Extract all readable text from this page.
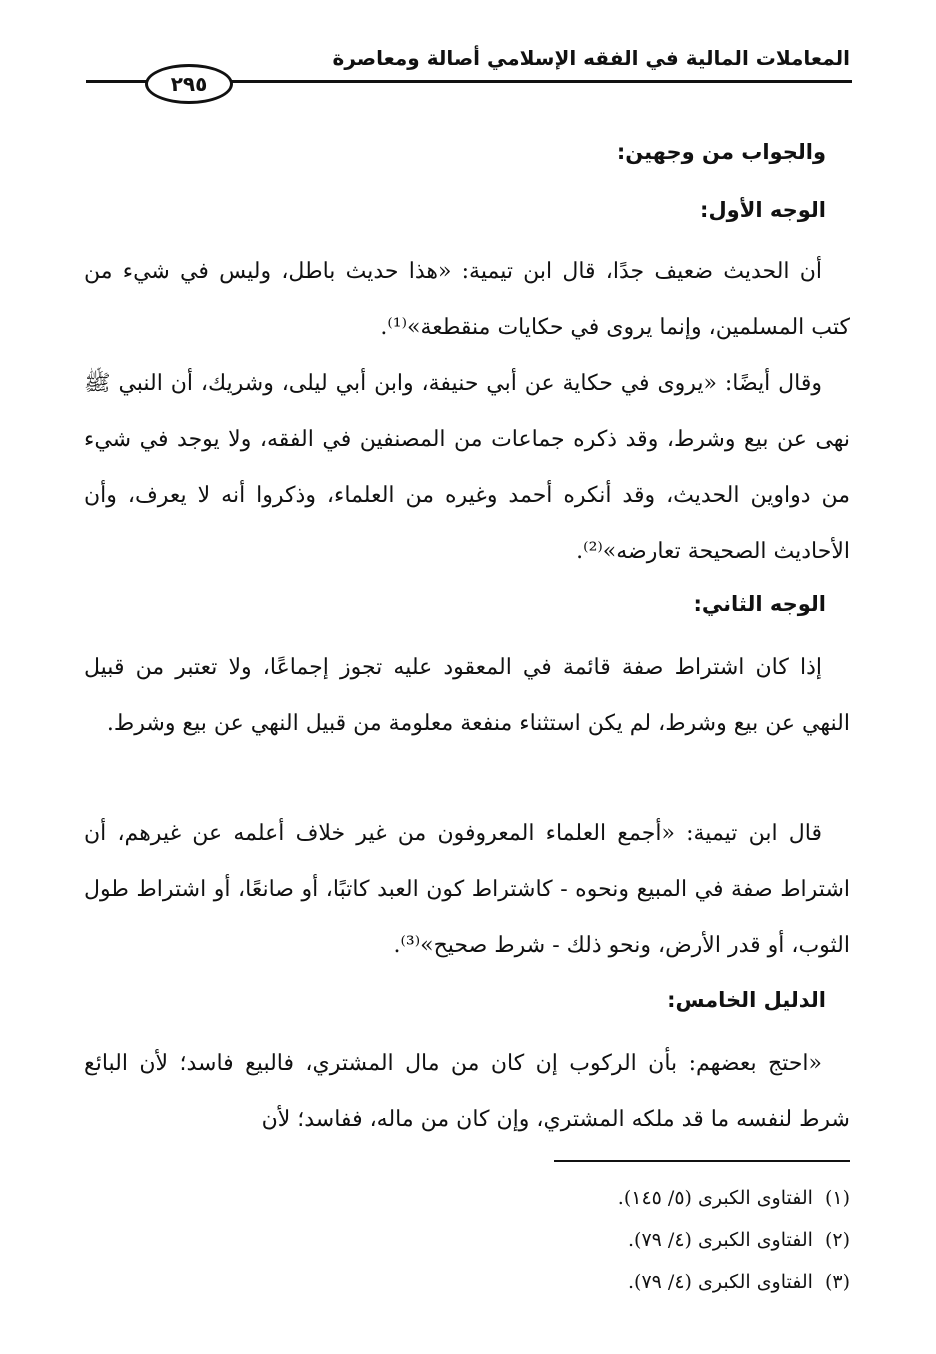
المعاملات المالية في الفقه الإسلامي أصالة ومعاصرة
٢٩٥
والجواب من وجهين:
الوجه الأول:

أن الحديث ضعيف جدًا، قال ابن تيمية: «هذا حديث باطل، وليس في شيء من كتب المسلمين، وإنما يروى في حكايات منقطعة»⁽¹⁾.

وقال أيضًا: «يروى في حكاية عن أبي حنيفة، وابن أبي ليلى، وشريك، أن النبي ﷺ نهى عن بيع وشرط، وقد ذكره جماعات من المصنفين في الفقه، ولا يوجد في شيء من دواوين الحديث، وقد أنكره أحمد وغيره من العلماء، وذكروا أنه لا يعرف، وأن الأحاديث الصحيحة تعارضه»⁽²⁾.

الوجه الثاني:

إذا كان اشتراط صفة قائمة في المعقود عليه تجوز إجماعًا، ولا تعتبر من قبيل النهي عن بيع وشرط، لم يكن استثناء منفعة معلومة من قبيل النهي عن بيع وشرط.

قال ابن تيمية: «أجمع العلماء المعروفون من غير خلاف أعلمه عن غيرهم، أن اشتراط صفة في المبيع ونحوه - كاشتراط كون العبد كاتبًا، أو صانعًا، أو اشتراط طول الثوب، أو قدر الأرض، ونحو ذلك - شرط صحيح»⁽³⁾.

الدليل الخامس:

«احتج بعضهم: بأن الركوب إن كان من مال المشتري، فالبيع فاسد؛ لأن البائع شرط لنفسه ما قد ملكه المشتري، وإن كان من ماله، ففاسد؛ لأن

(١)الفتاوى الكبرى (٥/ ١٤٥).
(٢)الفتاوى الكبرى (٤/ ٧٩).
(٣)الفتاوى الكبرى (٤/ ٧٩).
